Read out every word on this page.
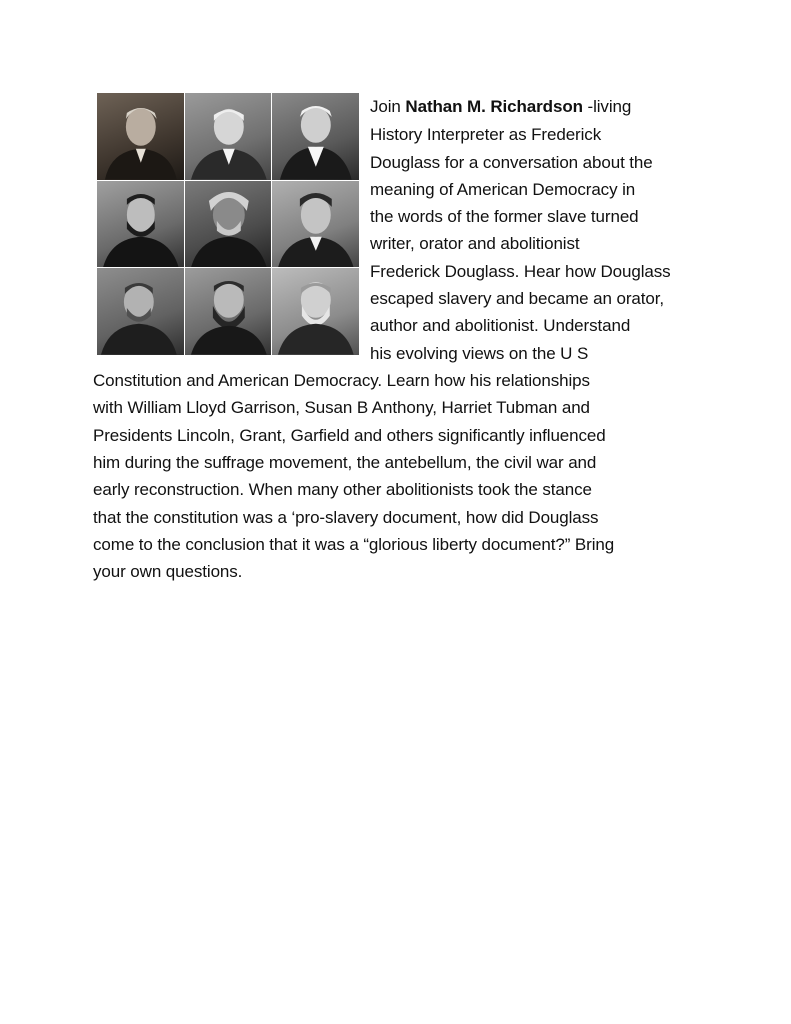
Join Nathan M. Richardson -living
History Interpreter as Frederick
Douglass for a conversation about the
meaning of American Democracy in
the words of the former slave turned
writer, orator and abolitionist
Frederick Douglass. Hear how Douglass
escaped slavery and became an orator,
author and abolitionist. Understand
his evolving views on the U S
Constitution and American Democracy. Learn how his relationships
with William Lloyd Garrison, Susan B Anthony, Harriet Tubman and
Presidents Lincoln, Grant, Garfield and others significantly influenced
him during the suffrage movement, the antebellum, the civil war and
early reconstruction. When many other abolitionists took the stance
that the constitution was a ‘pro-slavery document, how did Douglass
come to the conclusion that it was a “glorious liberty document?” Bring
your own questions.
